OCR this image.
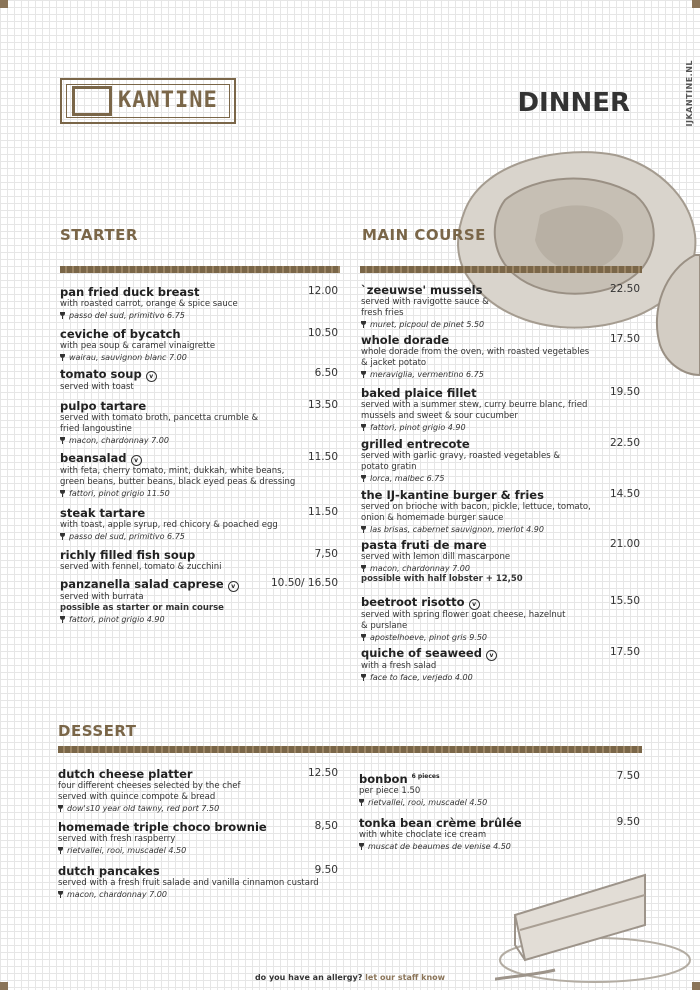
IJKANTINE.NL
KANTINE	DINNER
STARTER	MAIN COURSE
pan fried duck breast	12.00
with roasted carrot, orange & spice sauce
passo del sud, primitivo 6.75
ceviche of bycatch	10.50
with pea soup & caramel vinaigrette
wairau, sauvignon blanc 7.00
tomato soup v	6.50
served with toast
pulpo tartare	13.50
served with tomato broth, pancetta crumble &
fried langoustine
macon, chardonnay 7.00
beansalad v	11.50
with feta, cherry tomato, mint, dukkah, white beans,
green beans, butter beans, black eyed peas & dressing
fattori, pinot grigio 11.50
steak tartare	11.50
with toast, apple syrup, red chicory & poached egg
passo del sud, primitivo 6.75
richly filled fish soup	7,50
served with fennel, tomato & zucchini
panzanella salad caprese v	10.50/ 16.50
served with burrata
possible as starter or main course
fattori, pinot grigio 4.90
`zeeuwse' mussels	22.50
served with ravigotte sauce &
fresh fries
muret, picpoul de pinet 5.50
whole dorade	17.50
whole dorade from the oven, with roasted vegetables
& jacket potato
meraviglia, vermentino 6.75
baked plaice fillet	19.50
served with a summer stew, curry beurre blanc, fried
mussels and sweet & sour cucumber
fattori, pinot grigio 4.90
grilled entrecote	22.50
served with garlic gravy, roasted vegetables &
potato gratin
lorca, malbec 6.75
the IJ-kantine burger & fries	14.50
served on brioche with bacon, pickle, lettuce, tomato,
onion & homemade burger sauce
las brisas, cabernet sauvignon, merlot 4.90
pasta fruti de mare	21.00
served with lemon dill mascarpone
macon, chardonnay 7.00
possible with half lobster + 12,50
beetroot risotto v	15.50
served with spring flower goat cheese, hazelnut
& purslane
apostelhoeve, pinot gris 9.50
quiche of seaweed v	17.50
with a fresh salad
face to face, verjedo 4.00
DESSERT
dutch cheese platter	12.50
four different cheeses selected by the chef
served with quince compote & bread
dow's10 year old tawny, red port 7.50
homemade triple choco brownie	8,50
served with fresh raspberry
rietvallei, rooi, muscadel 4.50
dutch pancakes	9.50
served with a fresh fruit salade and vanilla cinnamon custard
macon, chardonnay 7.00
bonbon $^{6 pieces}$	7.50
per piece 1.50
rietvallei, rooi, muscadel 4.50
tonka bean crème brûlée	9.50
with white choclate ice cream
muscat de beaumes de venise 4.50
do you have an allergy? let our staff know
